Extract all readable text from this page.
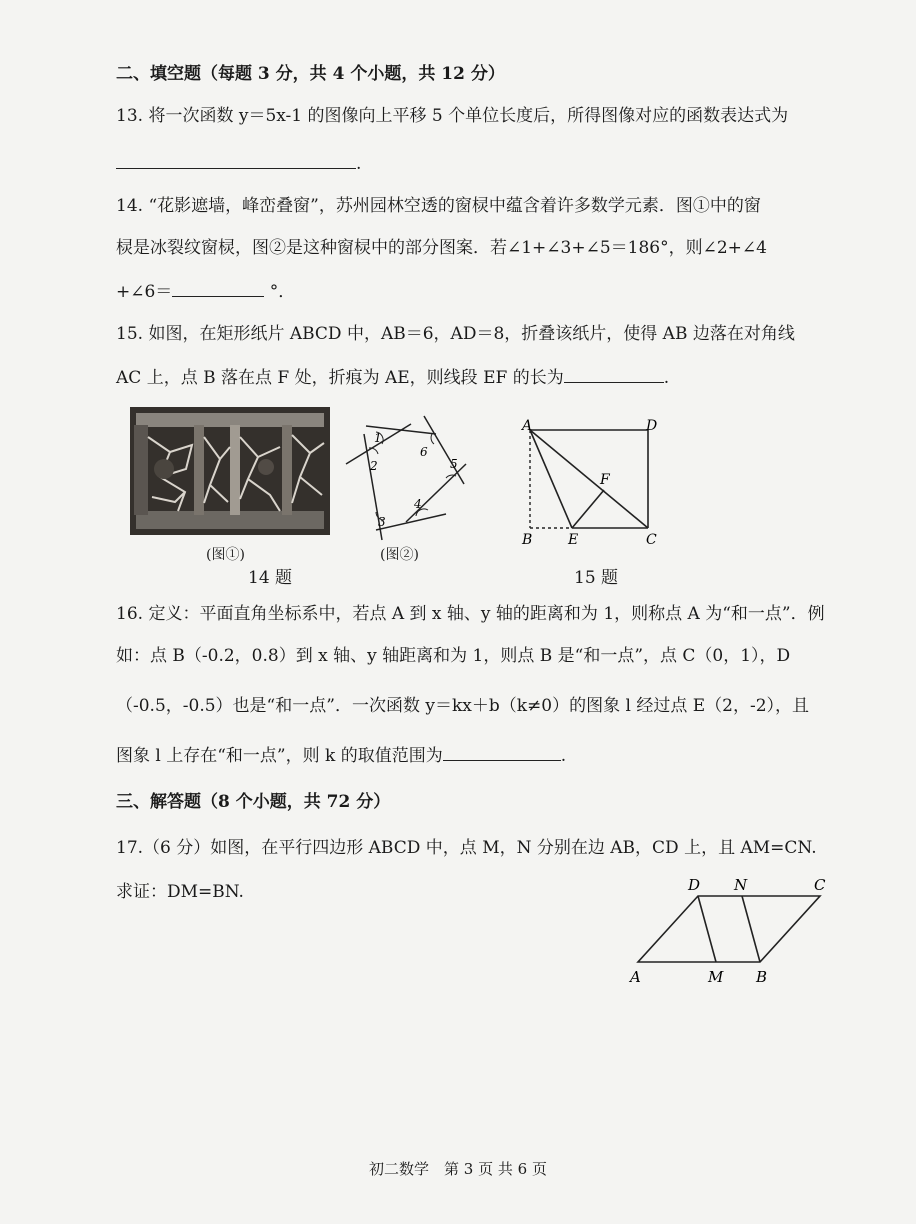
二、填空题（每题 3 分，共 4 个小题，共 12 分）
13. 将一次函数 y＝5x-1 的图像向上平移 5 个单位长度后，所得图像对应的函数表达式为
.
14. “花影遮墙，峰峦叠窗”，苏州园林空透的窗棂中蕴含着许多数学元素．图①中的窗
棂是冰裂纹窗棂，图②是这种窗棂中的部分图案．若∠1+∠3+∠5＝186°，则∠2+∠4
+∠6＝	°．
15. 如图，在矩形纸片 ABCD 中，AB＝6，AD＝8，折叠该纸片，使得 AB 边落在对角线
AC 上，点 B 落在点 F 处，折痕为 AE，则线段 EF 的长为	.
(图①)
1
2
3
4
5
6
(图②)
14 题
A	D
F
B	E	C
15 题
16. 定义：平面直角坐标系中，若点 A 到 x 轴、y 轴的距离和为 1，则称点 A 为“和一点”．例
如：点 B（-0.2，0.8）到 x 轴、y 轴距离和为 1，则点 B 是“和一点”，点 C（0，1），D
（-0.5，-0.5）也是“和一点”．一次函数 y＝kx＋b（k≠0）的图象 l 经过点 E（2，-2），且
图象 l 上存在“和一点”，则 k 的取值范围为	.
三、解答题（8 个小题，共 72 分）
17.（6 分）如图，在平行四边形 ABCD 中，点 M，N 分别在边 AB，CD 上，且 AM=CN.
求证：DM=BN.	D N	C
A	M B
初二数学　第 3 页 共 6 页
